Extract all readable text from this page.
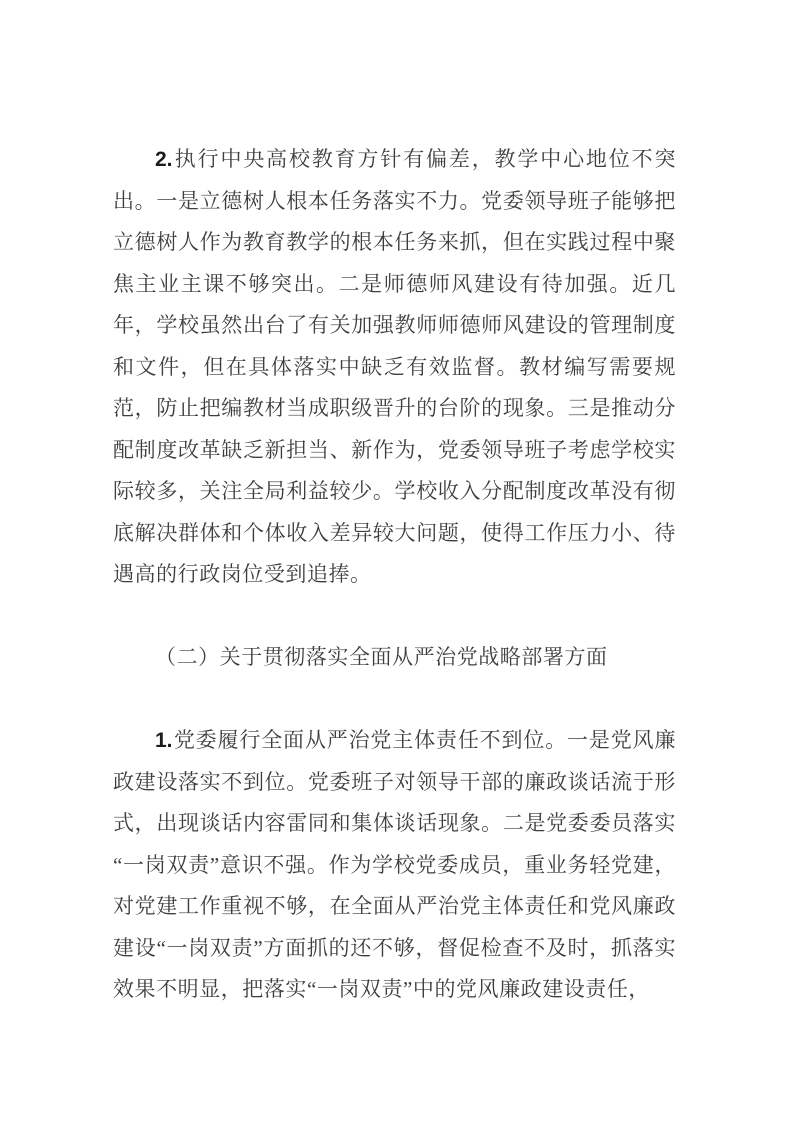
2.执行中央高校教育方针有偏差，教学中心地位不突出。一是立德树人根本任务落实不力。党委领导班子能够把立德树人作为教育教学的根本任务来抓，但在实践过程中聚焦主业主课不够突出。二是师德师风建设有待加强。近几年，学校虽然出台了有关加强教师师德师风建设的管理制度和文件，但在具体落实中缺乏有效监督。教材编写需要规范，防止把编教材当成职级晋升的台阶的现象。三是推动分配制度改革缺乏新担当、新作为，党委领导班子考虑学校实际较多，关注全局利益较少。学校收入分配制度改革没有彻底解决群体和个体收入差异较大问题，使得工作压力小、待遇高的行政岗位受到追捧。

（二）关于贯彻落实全面从严治党战略部署方面

1.党委履行全面从严治党主体责任不到位。一是党风廉政建设落实不到位。党委班子对领导干部的廉政谈话流于形式，出现谈话内容雷同和集体谈话现象。二是党委委员落实“一岗双责”意识不强。作为学校党委成员，重业务轻党建，对党建工作重视不够，在全面从严治党主体责任和党风廉政建设“一岗双责”方面抓的还不够，督促检查不及时，抓落实效果不明显，把落实“一岗双责”中的党风廉政建设责任，
